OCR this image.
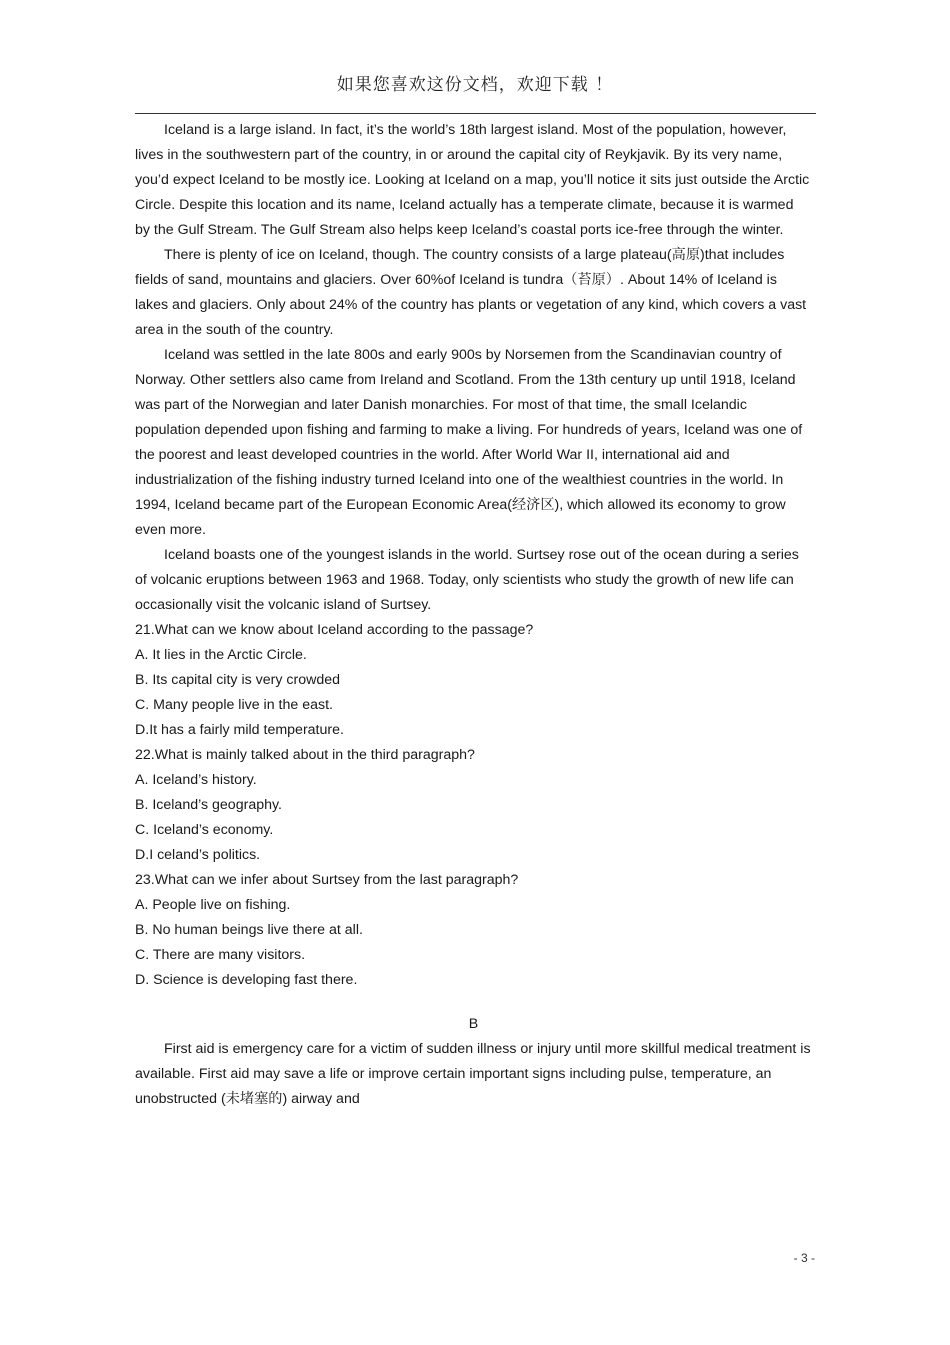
如果您喜欢这份文档，欢迎下载 ！

Iceland is a large island. In fact, it’s the world’s 18th largest island. Most of the population, however, lives in the southwestern part of the country, in or around the capital city of Reykjavik. By its very name, you’d expect Iceland to be mostly ice. Looking at Iceland on a map, you’ll notice it sits just outside the Arctic Circle. Despite this location and its name, Iceland actually has a temperate climate, because it is warmed by the Gulf Stream. The Gulf Stream also helps keep Iceland’s coastal ports ice-free through the winter.

There is plenty of ice on Iceland, though. The country consists of a large plateau(高原)that includes fields of sand, mountains and glaciers. Over 60%of Iceland is tundra（苔原）. About 14% of Iceland is lakes and glaciers. Only about 24% of the country has plants or vegetation of any kind, which covers a vast area in the south of the country.

Iceland was settled in the late 800s and early 900s by Norsemen from the Scandinavian country of Norway. Other settlers also came from Ireland and Scotland. From the 13th century up until 1918, Iceland was part of the Norwegian and later Danish monarchies. For most of that time, the small Icelandic population depended upon fishing and farming to make a living. For hundreds of years, Iceland was one of the poorest and least developed countries in the world. After World War II, international aid and industrialization of the fishing industry turned Iceland into one of the wealthiest countries in the world. In 1994, Iceland became part of the European Economic Area(经济区), which allowed its economy to grow even more.

Iceland boasts one of the youngest islands in the world. Surtsey rose out of the ocean during a series of volcanic eruptions between 1963 and 1968. Today, only scientists who study the growth of new life can occasionally visit the volcanic island of Surtsey.

21.What can we know about Iceland according to the passage?

A. It lies in the Arctic Circle.

B. Its capital city is very crowded

C. Many people live in the east.

D.It has a fairly mild temperature.

22.What is mainly talked about in the third paragraph?

A. Iceland’s history.

B. Iceland’s geography.

C. Iceland’s economy.

D.I celand’s politics.

23.What can we infer about Surtsey from the last paragraph?

A. People live on fishing.

B. No human beings live there at all.

C. There are many visitors.

D. Science is developing fast there.

B

First aid is emergency care for a victim of sudden illness or injury until more skillful medical treatment is available. First aid may save a life or improve certain important signs including pulse, temperature, an unobstructed (未堵塞的) airway and

- 3 -
